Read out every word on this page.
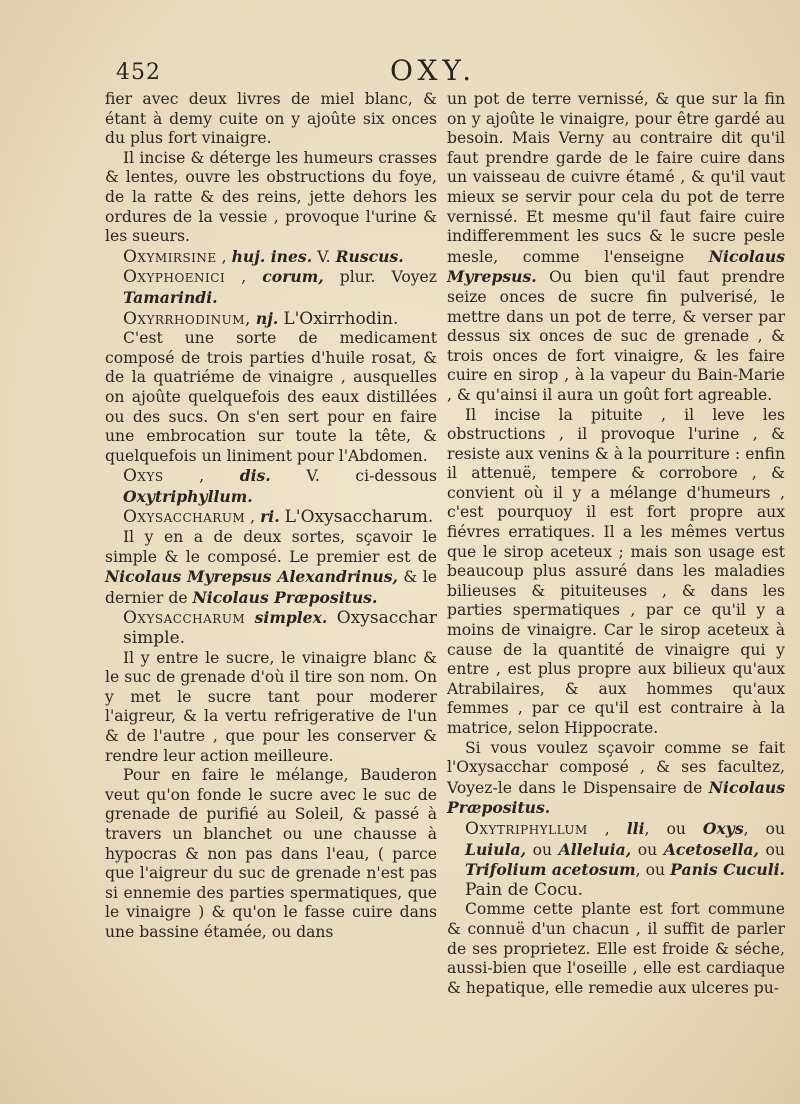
452	OXY.

fier avec deux livres de miel blanc, & étant à demy cuite on y ajoûte six onces du plus fort vinaigre.

Il incise & déterge les humeurs crasses & lentes, ouvre les obstructions du foye, de la ratte & des reins, jette dehors les ordures de la vessie , provoque l'urine & les sueurs.

Oxymirsine , huj. ines. V. Ruscus.

Oxyphoenici , corum, plur. Voyez Tamarindi.

Oxyrrhodinum, nj. L'Oxirrhodin.

C'est une sorte de medicament composé de trois parties d'huile rosat, & de la quatriéme de vinaigre , ausquelles on ajoûte quelquefois des eaux distillées ou des sucs. On s'en sert pour en faire une embrocation sur toute la tête, & quelquefois un liniment pour l'Abdomen.

Oxys , dis. V. ci-dessous Oxytriphyllum.

Oxysaccharum , ri. L'Oxysaccharum.

Il y en a de deux sortes, sçavoir le simple & le composé. Le premier est de Nicolaus Myrepsus Alexandrinus, & le dernier de Nicolaus Præpositus.

Oxysaccharum simplex. Oxysacchar simple.

Il y entre le sucre, le vinaigre blanc & le suc de grenade d'où il tire son nom. On y met le sucre tant pour moderer l'aigreur, & la vertu refrigerative de l'un & de l'autre , que pour les conserver & rendre leur action meilleure.

Pour en faire le mélange, Bauderon veut qu'on fonde le sucre avec le suc de grenade de purifié au Soleil, & passé à travers un blanchet ou une chausse à hypocras & non pas dans l'eau, ( parce que l'aigreur du suc de grenade n'est pas si ennemie des parties spermatiques, que le vinaigre ) & qu'on le fasse cuire dans une bassine étamée, ou dans

un pot de terre vernissé, & que sur la fin on y ajoûte le vinaigre, pour être gardé au besoin. Mais Verny au contraire dit qu'il faut prendre garde de le faire cuire dans un vaisseau de cuivre étamé , & qu'il vaut mieux se servir pour cela du pot de terre vernissé. Et mesme qu'il faut faire cuire indifferemment les sucs & le sucre pesle mesle, comme l'enseigne Nicolaus Myrepsus. Ou bien qu'il faut prendre seize onces de sucre fin pulverisé, le mettre dans un pot de terre, & verser par dessus six onces de suc de grenade , & trois onces de fort vinaigre, & les faire cuire en sirop , à la vapeur du Bain-Marie , & qu'ainsi il aura un goût fort agreable.

Il incise la pituite , il leve les obstructions , il provoque l'urine , & resiste aux venins & à la pourriture : enfin il attenuë, tempere & corrobore , & convient où il y a mélange d'humeurs , c'est pourquoy il est fort propre aux fiévres erratiques. Il a les mêmes vertus que le sirop aceteux ; mais son usage est beaucoup plus assuré dans les maladies bilieuses & pituiteuses , & dans les parties spermatiques , par ce qu'il y a moins de vinaigre. Car le sirop aceteux à cause de la quantité de vinaigre qui y entre , est plus propre aux bilieux qu'aux Atrabilaires, & aux hommes qu'aux femmes , par ce qu'il est contraire à la matrice, selon Hippocrate.

Si vous voulez sçavoir comme se fait l'Oxysacchar composé , & ses facultez, Voyez-le dans le Dispensaire de Nicolaus Præpositus.

Oxytriphyllum , lli, ou Oxys, ou Luiula, ou Alleluia, ou Acetosella, ou Trifolium acetosum, ou Panis Cuculi. Pain de Cocu.

Comme cette plante est fort commune & connuë d'un chacun , il suffit de parler de ses proprietez. Elle est froide & séche, aussi-bien que l'oseille , elle est cardiaque & hepatique, elle remedie aux ulceres pu-
